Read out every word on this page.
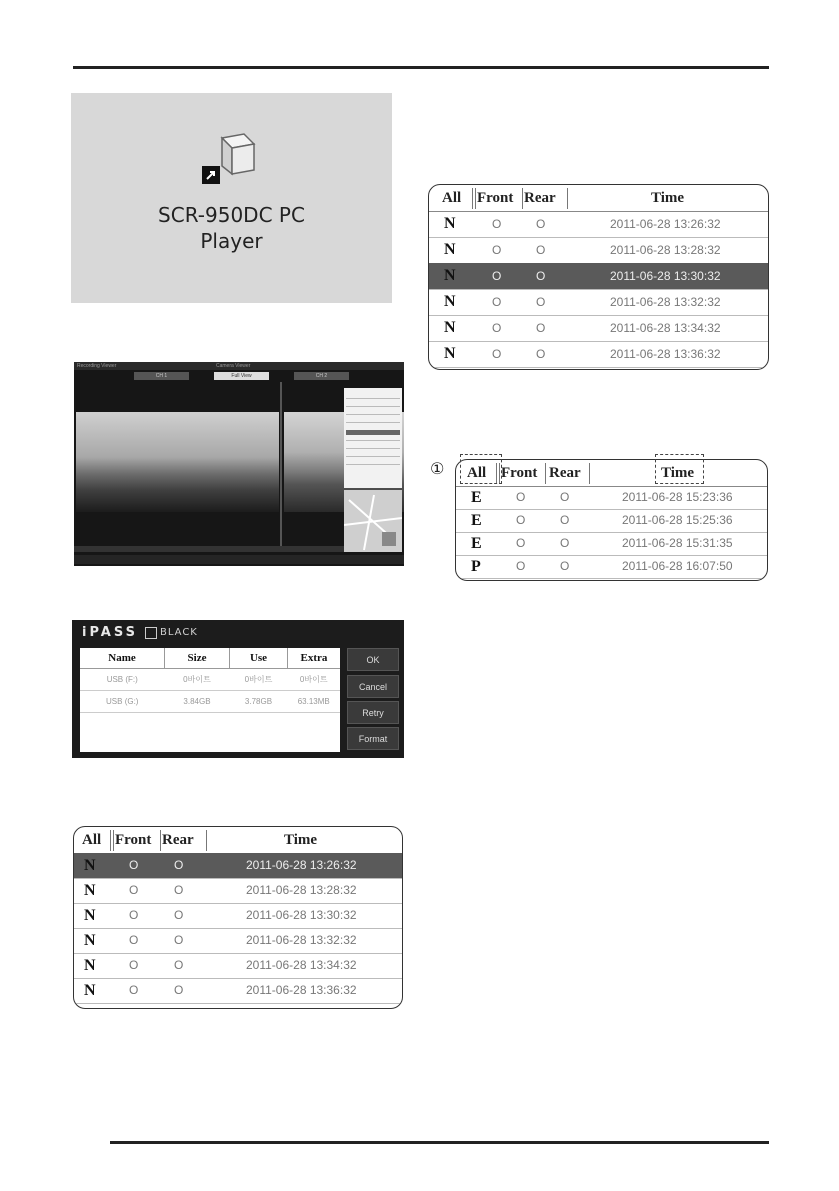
SCR-950DC PC
Player
Recording Viewer	Camera Viewer
CH 1	Full View	CH 2
iPASS BLACK
Name	Size	Use	Extra
USB (F:)	0바이트	0바이트	0바이트
USB (G:)	3.84GB	3.78GB	63.13MB
OK
Cancel
Retry
Format
All Front Rear	Time
N	O	O	2011-06-28 13:26:32
N	O	O	2011-06-28 13:28:32
N	O	O	2011-06-28 13:30:32
N	O	O	2011-06-28 13:32:32
N	O	O	2011-06-28 13:34:32
N	O	O	2011-06-28 13:36:32
① All Front Rear	Time
E	O	O	2011-06-28 15:23:36
E	O	O	2011-06-28 15:25:36
E	O	O	2011-06-28 15:31:35
P	O	O	2011-06-28 16:07:50
All Front Rear	Time
N	O	O	2011-06-28 13:26:32
N	O	O	2011-06-28 13:28:32
N	O	O	2011-06-28 13:30:32
N	O	O	2011-06-28 13:32:32
N	O	O	2011-06-28 13:34:32
N	O	O	2011-06-28 13:36:32
